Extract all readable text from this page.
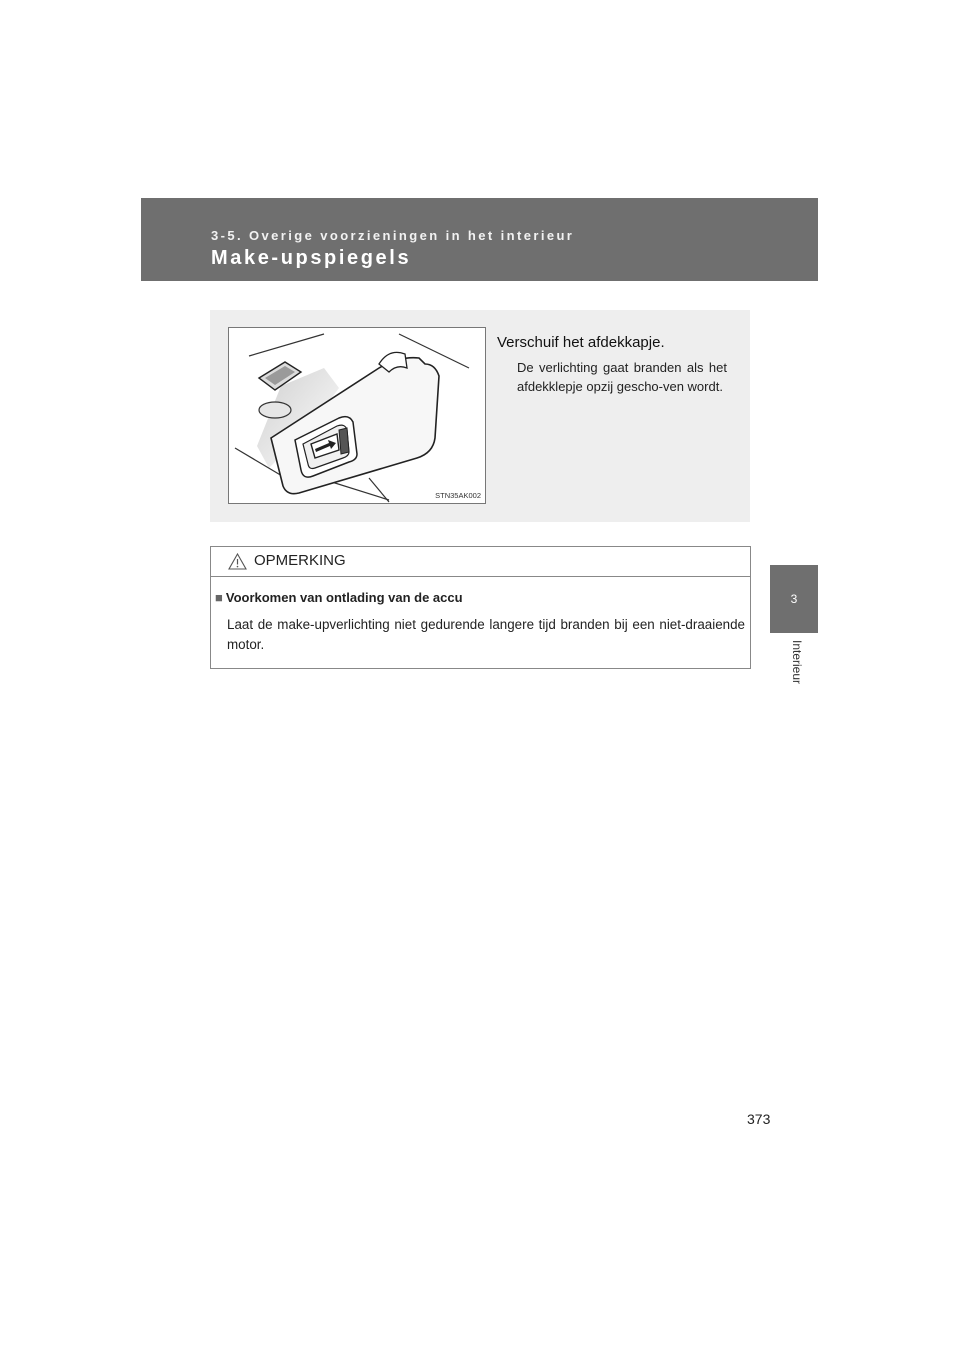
3-5. Overige voorzieningen in het interieur
Make-upspiegels
3
Interieur
STN35AK002
Verschuif het afdekkapje.
De verlichting gaat branden als het afdekklepje opzij gescho-ven wordt.
OPMERKING
■ Voorkomen van ontlading van de accu
Laat de make-upverlichting niet gedurende langere tijd branden bij een niet-draaiende motor.
373
